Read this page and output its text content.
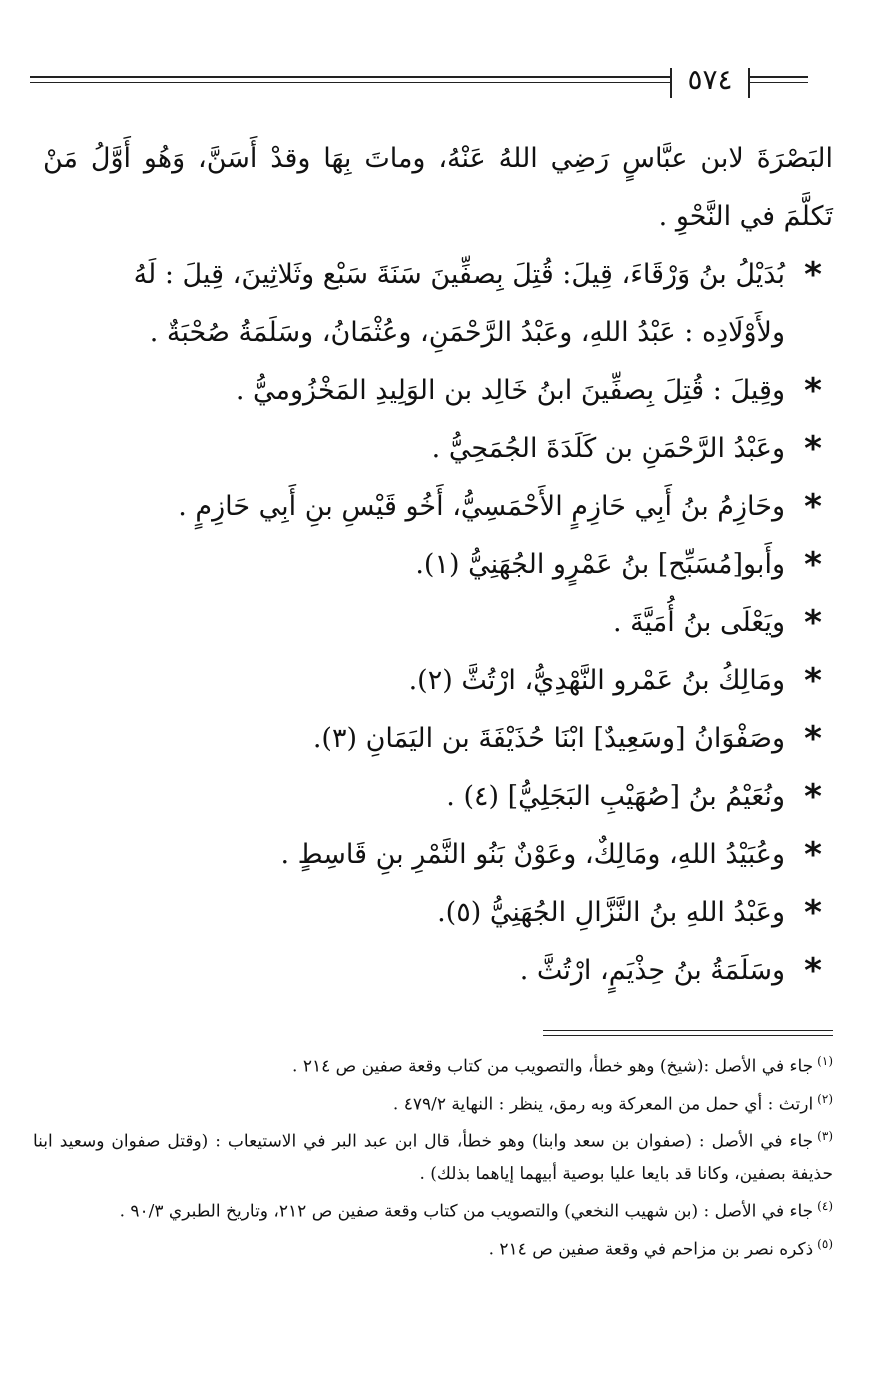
٥٧٤

البَصْرَةَ لابن عبَّاسٍ رَضِي اللهُ عَنْهُ، وماتَ بِهَا وقدْ أَسَنَّ، وَهُو أَوَّلُ مَنْ تَكلَّمَ في النَّحْوِ .

*
بُدَيْلُ بنُ وَرْقَاءَ، قِيلَ: قُتِلَ بِصفِّينَ سَنَةَ سَبْع وثَلاثِينَ، قِيلَ : لَهُ ولأَوْلَادِه : عَبْدُ اللهِ، وعَبْدُ الرَّحْمَنِ، وعُثْمَانُ، وسَلَمَةُ صُحْبَةٌ .

*
وقِيلَ : قُتِلَ بِصفِّينَ ابنُ خَالِد بن الوَلِيدِ المَخْزُوميُّ .

*
وعَبْدُ الرَّحْمَنِ بن كَلَدَةَ الجُمَحِيُّ .

*
وحَازِمُ بنُ أَبِي حَازِمٍ الأَحْمَسِيُّ، أَخُو قَيْسِ بنِ أَبِي حَازِمٍ .

*
وأَبو[مُسَبِّح] بنُ عَمْرٍو الجُهَنِيُّ (١).

*
ويَعْلَى بنُ أُمَيَّةَ .

*
ومَالِكُ بنُ عَمْرو النَّهْدِيُّ، ارْتُثَّ (٢).

*
وصَفْوَانُ [وسَعِيدٌ] ابْنَا حُذَيْفَةَ بن اليَمَانِ (٣).

*
ونُعَيْمُ بنُ [صُهَيْبِ البَجَلِيُّ] (٤) .

*
وعُبَيْدُ اللهِ، ومَالِكٌ، وعَوْنٌ بَنُو النَّمْرِ بنِ قَاسِطٍ .

*
وعَبْدُ اللهِ بنُ النَّزَّالِ الجُهَنِيُّ (٥).

*
وسَلَمَةُ بنُ حِذْيَمٍ، ارْتُثَّ .

$^{(١)}$جاء في الأصل :(شيخ) وهو خطأ، والتصويب من كتاب وقعة صفين ص ٢١٤ .

$^{(٢)}$ارتث : أي حمل من المعركة وبه رمق، ينظر : النهاية ٤٧٩/٢ .

$^{(٣)}$جاء في الأصل : (صفوان بن سعد وابنا) وهو خطأ، قال ابن عبد البر في الاستيعاب : (وقتل صفوان وسعيد ابنا حذيفة بصفين، وكانا قد بايعا عليا بوصية أبيهما إياهما بذلك) .

$^{(٤)}$جاء في الأصل : (بن شهيب النخعي) والتصويب من كتاب وقعة صفين ص ٢١٢، وتاريخ الطبري ٩٠/٣ .

$^{(٥)}$ذكره نصر بن مزاحم في وقعة صفين ص ٢١٤ .
